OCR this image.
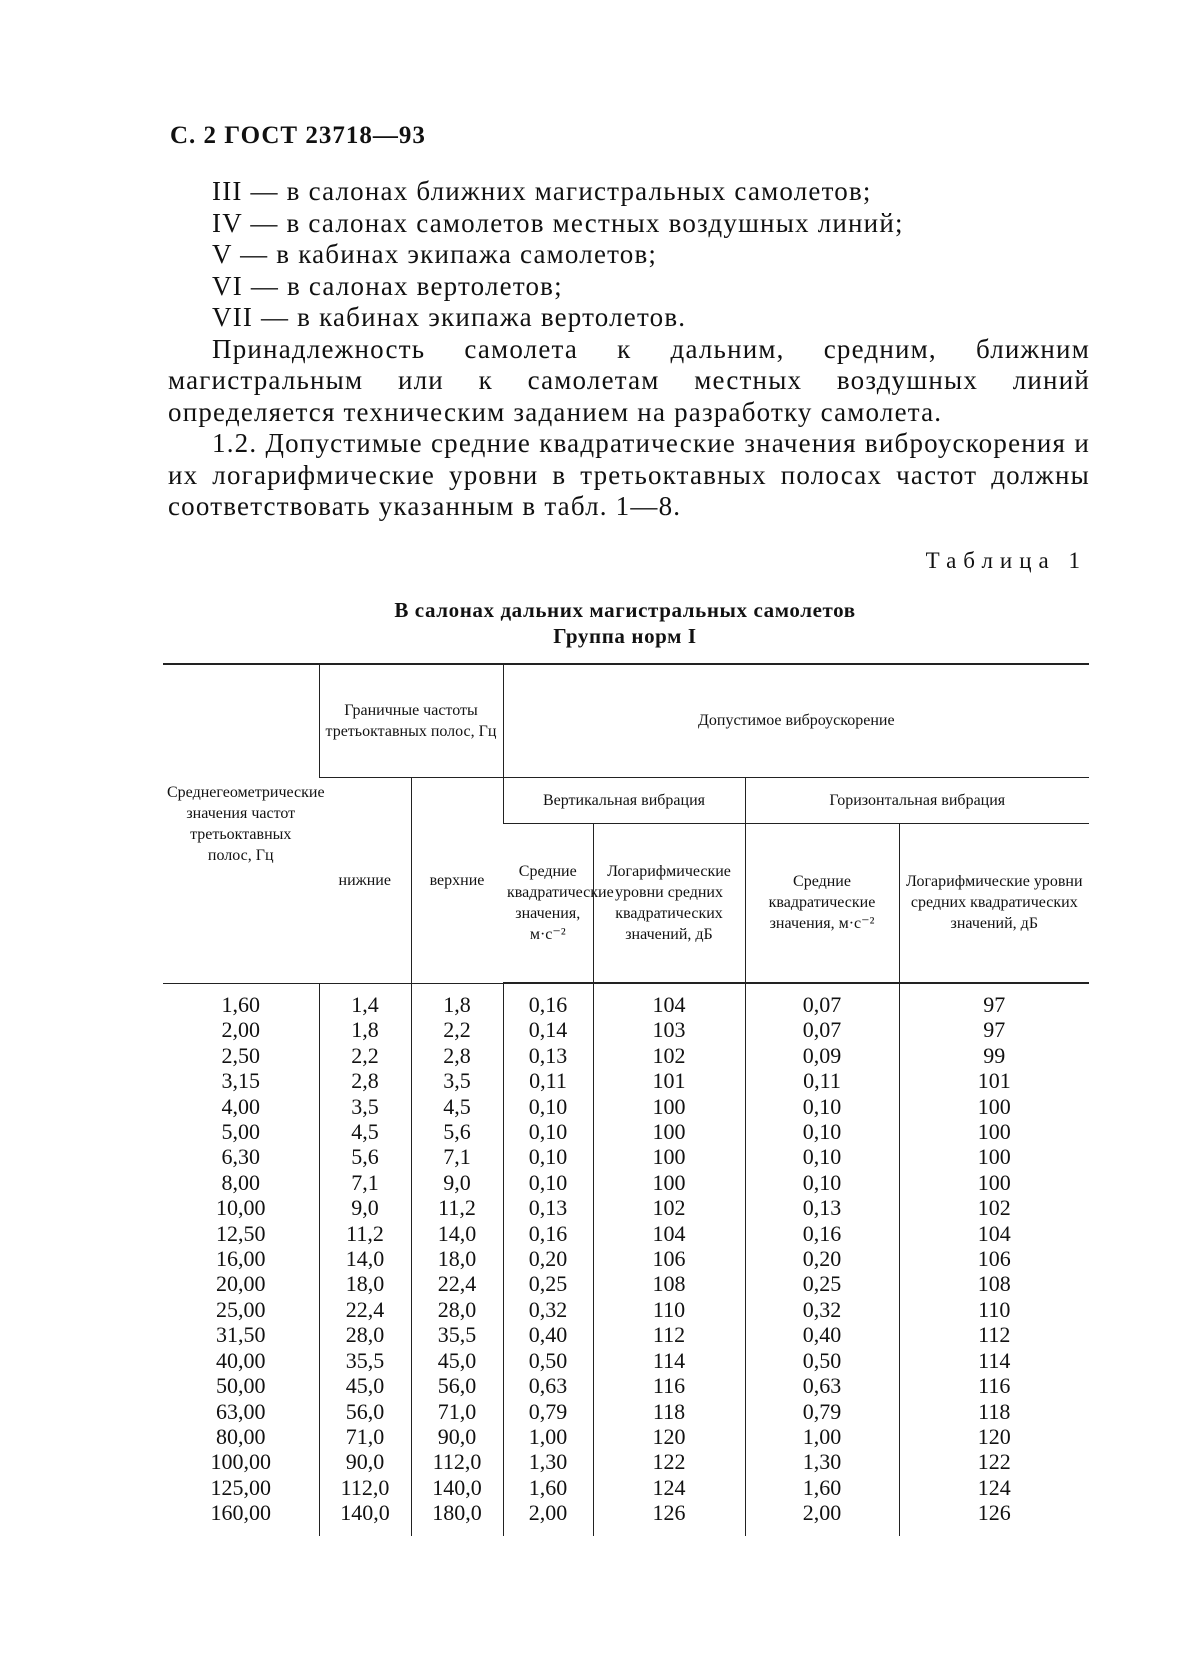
С. 2 ГОСТ 23718—93
III — в салонах ближних магистральных самолетов;
IV — в салонах самолетов местных воздушных линий;
V — в кабинах экипажа самолетов;
VI — в салонах вертолетов;
VII — в кабинах экипажа вертолетов.
Принадлежность самолета к дальним, средним, ближним магистральным или к самолетам местных воздушных линий определяется техническим заданием на разработку самолета.
1.2. Допустимые средние квадратические значения виброускорения и их логарифмические уровни в третьоктавных полосах частот должны соответствовать указанным в табл. 1—8.
Таблица 1
В салонах дальних магистральных самолетов
Группа норм I
Среднегеометрические значения частот третьоктавных полос, Гц	Граничные частоты третьоктавных полос, Гц		Допустимое виброускорение			
	нижние	верхние	Вертикальная вибрация		Горизонтальная вибрация	
			Средние квадратические значения, м·с⁻²	Логарифмические уровни средних квадратических значений, дБ	Средние квадратические значения, м·с⁻²	Логарифмические уровни средних квадратических значений, дБ
1,60	1,4	1,8	0,16	104	0,07	97
2,00	1,8	2,2	0,14	103	0,07	97
2,50	2,2	2,8	0,13	102	0,09	99
3,15	2,8	3,5	0,11	101	0,11	101
4,00	3,5	4,5	0,10	100	0,10	100
5,00	4,5	5,6	0,10	100	0,10	100
6,30	5,6	7,1	0,10	100	0,10	100
8,00	7,1	9,0	0,10	100	0,10	100
10,00	9,0	11,2	0,13	102	0,13	102
12,50	11,2	14,0	0,16	104	0,16	104
16,00	14,0	18,0	0,20	106	0,20	106
20,00	18,0	22,4	0,25	108	0,25	108
25,00	22,4	28,0	0,32	110	0,32	110
31,50	28,0	35,5	0,40	112	0,40	112
40,00	35,5	45,0	0,50	114	0,50	114
50,00	45,0	56,0	0,63	116	0,63	116
63,00	56,0	71,0	0,79	118	0,79	118
80,00	71,0	90,0	1,00	120	1,00	120
100,00	90,0	112,0	1,30	122	1,30	122
125,00	112,0	140,0	1,60	124	1,60	124
160,00	140,0	180,0	2,00	126	2,00	126
